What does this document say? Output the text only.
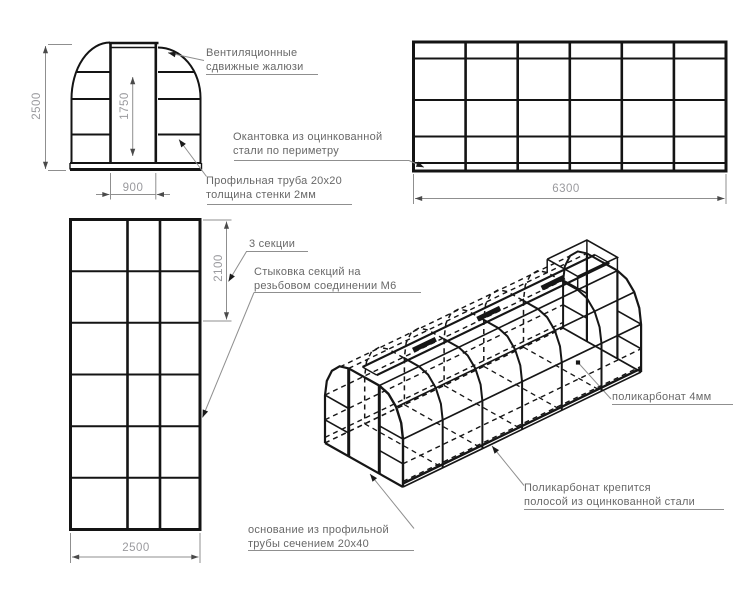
Вентиляционные
сдвижные жалюзи
Окантовка из оцинкованной
стали по периметру
Профильная труба 20х20
толщина стенки 2мм
3 секции
Стыковка секций на
резьбовом соединении М6
основание из профильной
трубы сечением 20х40
поликарбонат 4мм
Поликарбонат крепится
полосой из оцинкованной стали
2500	1750
900	6300
2100
2500
